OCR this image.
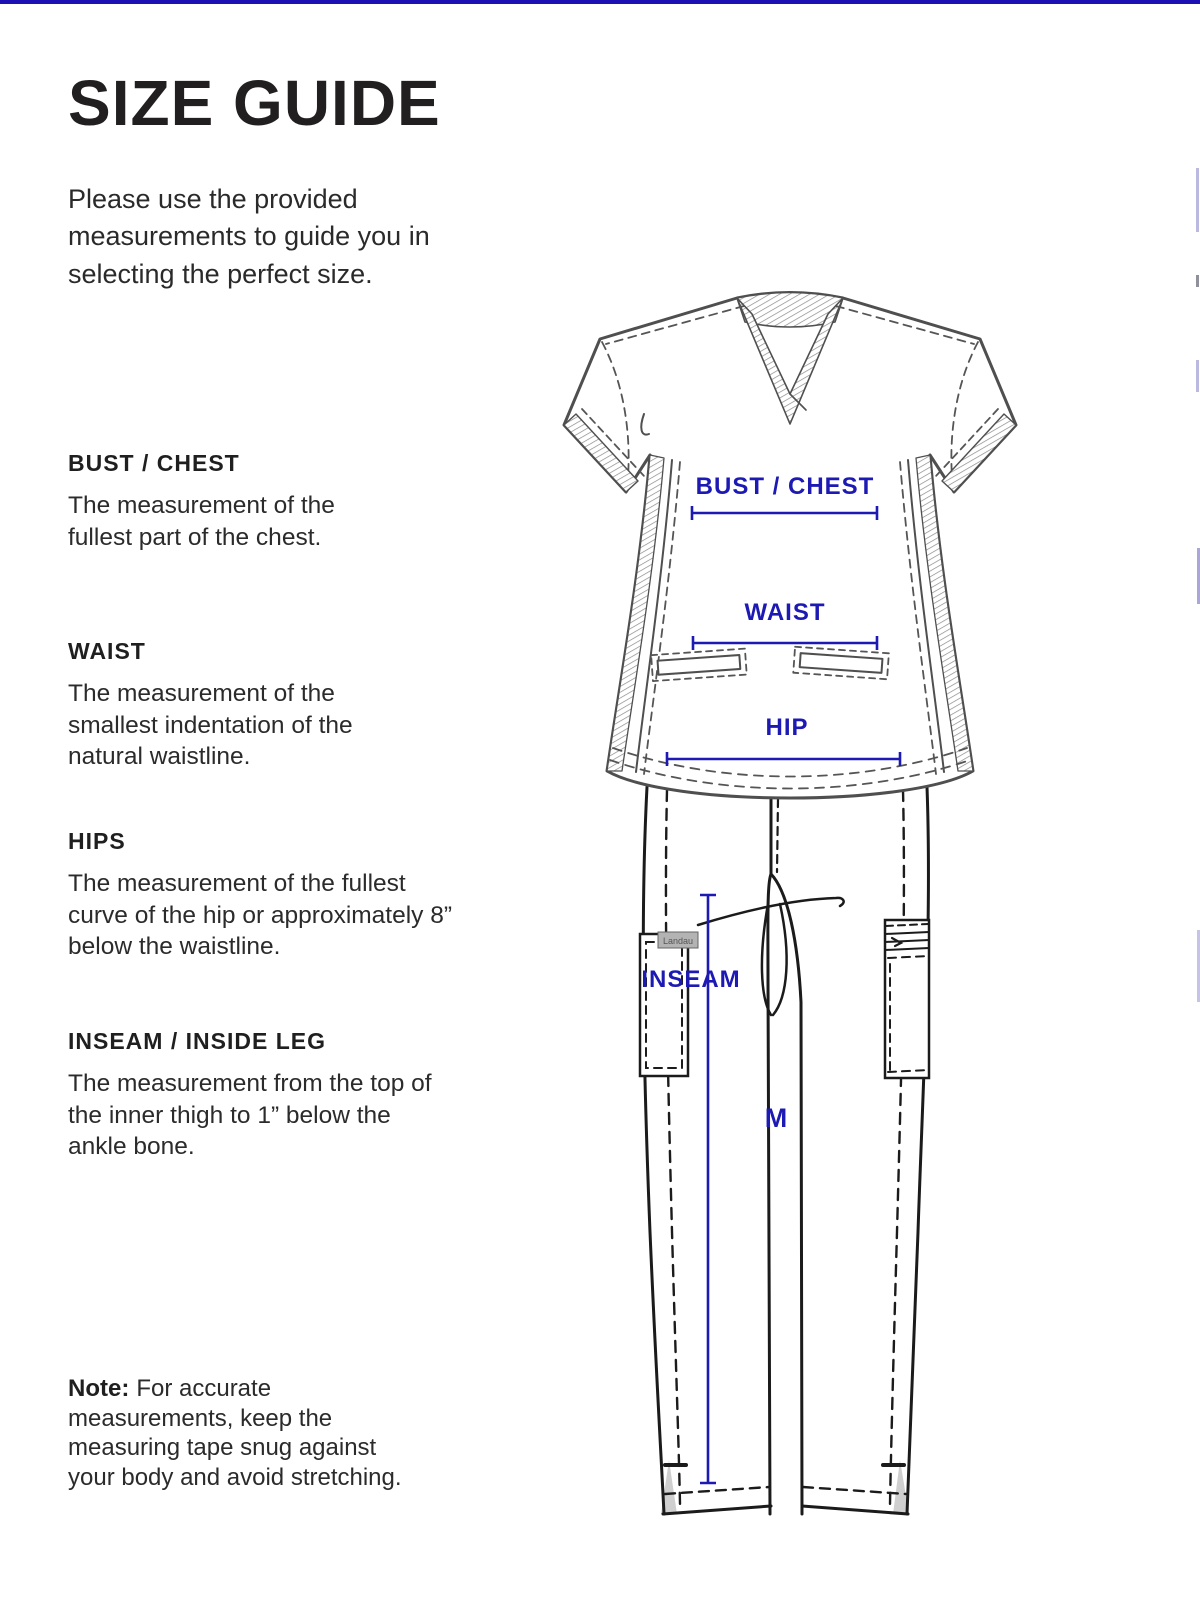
SIZE GUIDE

Please use the provided measurements to guide you in selecting the perfect size.

BUST / CHEST

The measurement of the fullest part of the chest.

WAIST

The measurement of the smallest indentation of the natural waistline.

HIPS

The measurement of the fullest curve of the hip or approximately 8” below the waistline.

INSEAM / INSIDE LEG

The measurement from the top of the inner thigh to 1” below the ankle bone.

Note: For accurate measurements, keep the measuring tape snug against your body and avoid stretching.

Landau
BUST / CHEST
WAIST
HIP
INSEAM
M
